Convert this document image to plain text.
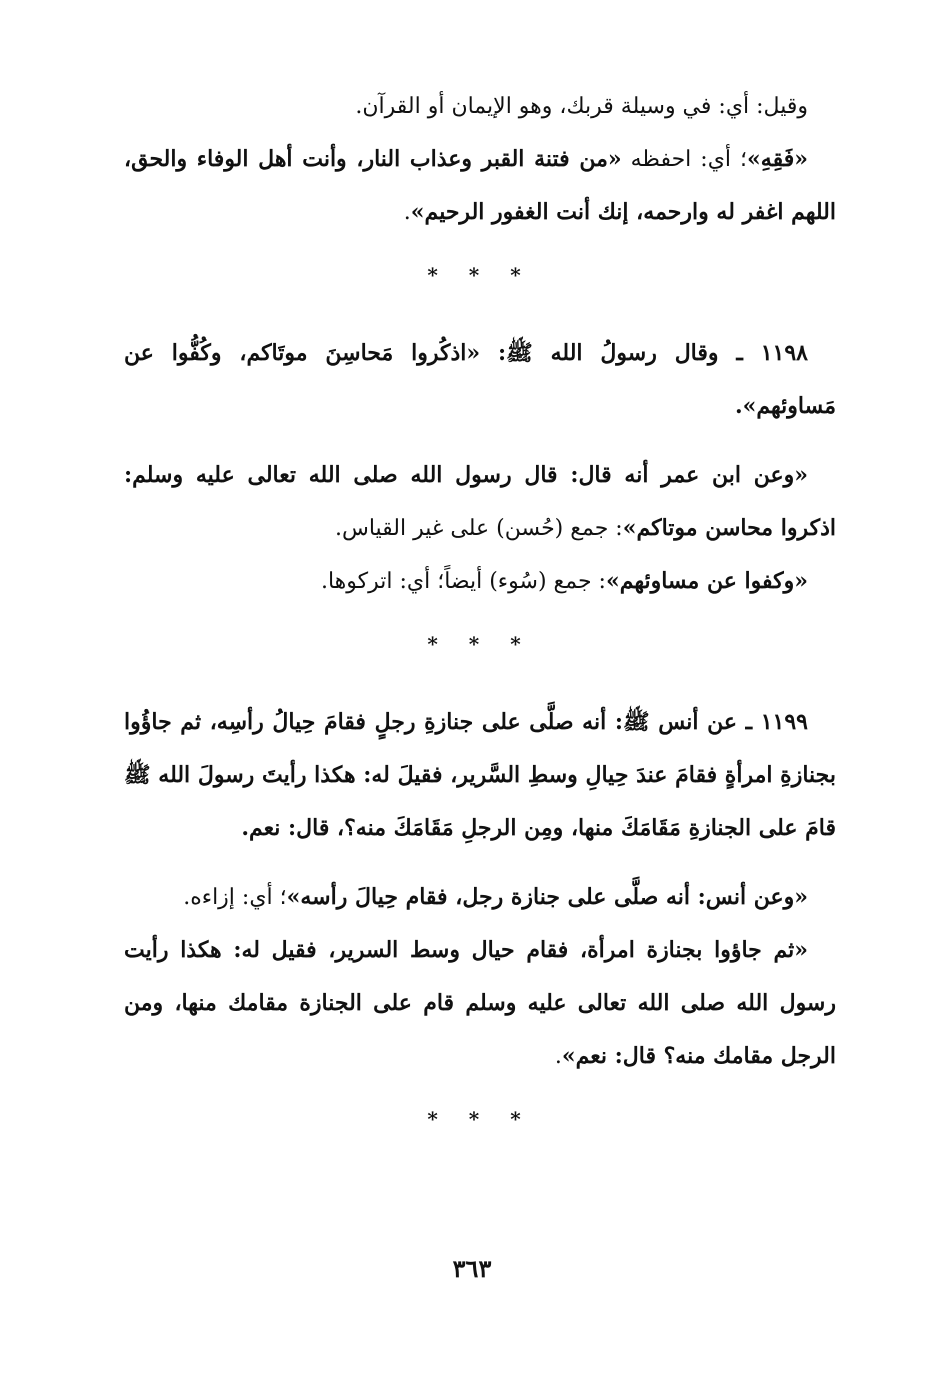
وقيل: أي: في وسيلة قربك، وهو الإيمان أو القرآن.

«فَقِهِ»؛ أي: احفظه «من فتنة القبر وعذاب النار، وأنت أهل الوفاء والحق، اللهم اغفر له وارحمه، إنك أنت الغفور الرحيم».

* * *

١١٩٨ ـ وقال رسولُ الله ﷺ: «اذكُروا مَحاسِنَ موتَاكم، وكُفُّوا عن مَساوئهم».

«وعن ابن عمر أنه قال: قال رسول الله صلى الله تعالى عليه وسلم: اذكروا محاسن موتاكم»: جمع (حُسن) على غير القياس.

«وكفوا عن مساوئهم»: جمع (سُوء) أيضاً؛ أي: اتركوها.

* * *

١١٩٩ ـ عن أنس ﷺ: أنه صلَّى على جنازةِ رجلٍ فقامَ حِيالُ رأسِه، ثم جاؤُوا بجنازةِ امرأةٍ فقامَ عندَ حِيالِ وسطِ السَّرير، فقيلَ له: هكذا رأيتَ رسولَ الله ﷺ قامَ على الجنازةِ مَقَامَكَ منها، ومِن الرجلِ مَقَامَكَ منه؟، قال: نعم.

«وعن أنس: أنه صلَّى على جنازة رجل، فقام حِيالَ رأسه»؛ أي: إزاءه.

«ثم جاؤوا بجنازة امرأة، فقام حيال وسط السرير، فقيل له: هكذا رأيت رسول الله صلى الله تعالى عليه وسلم قام على الجنازة مقامك منها، ومن الرجل مقامك منه؟ قال: نعم».

* * *
٣٦٣
